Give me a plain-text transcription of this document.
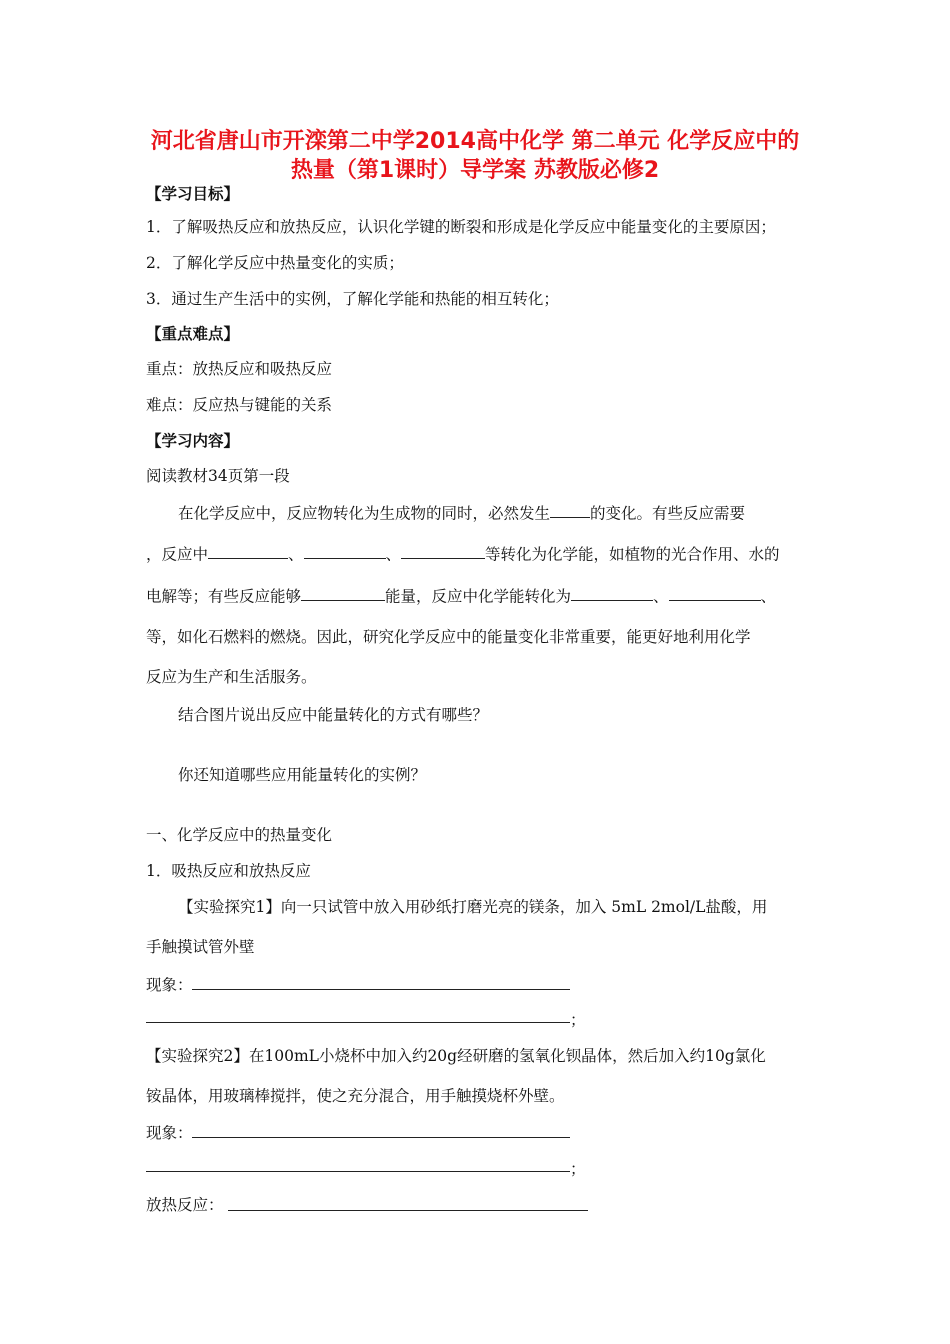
河北省唐山市开滦第二中学2014高中化学 第二单元 化学反应中的
热量（第1课时）导学案 苏教版必修2
【学习目标】
1．了解吸热反应和放热反应，认识化学键的断裂和形成是化学反应中能量变化的主要原因；
2．了解化学反应中热量变化的实质；
3．通过生产生活中的实例，了解化学能和热能的相互转化；
【重点难点】
重点：放热反应和吸热反应
难点：反应热与键能的关系
【学习内容】
阅读教材34页第一段
在化学反应中，反应物转化为生成物的同时，必然发生	的变化。有些反应需要
，反应中	、	、	等转化为化学能，如植物的光合作用、水的
电解等；有些反应能够	能量，反应中化学能转化为	、	、
等，如化石燃料的燃烧。因此，研究化学反应中的能量变化非常重要，能更好地利用化学
反应为生产和生活服务。
结合图片说出反应中能量转化的方式有哪些？
你还知道哪些应用能量转化的实例？
一、化学反应中的热量变化
1．吸热反应和放热反应
【实验探究1】向一只试管中放入用砂纸打磨光亮的镁条，加入 5mL 2mol/L盐酸，用
手触摸试管外壁
现象：
；
【实验探究2】在100mL小烧杯中加入约20g经研磨的氢氧化钡晶体，然后加入约10g氯化
铵晶体，用玻璃棒搅拌，使之充分混合，用手触摸烧杯外壁。
现象：
；
放热反应：
